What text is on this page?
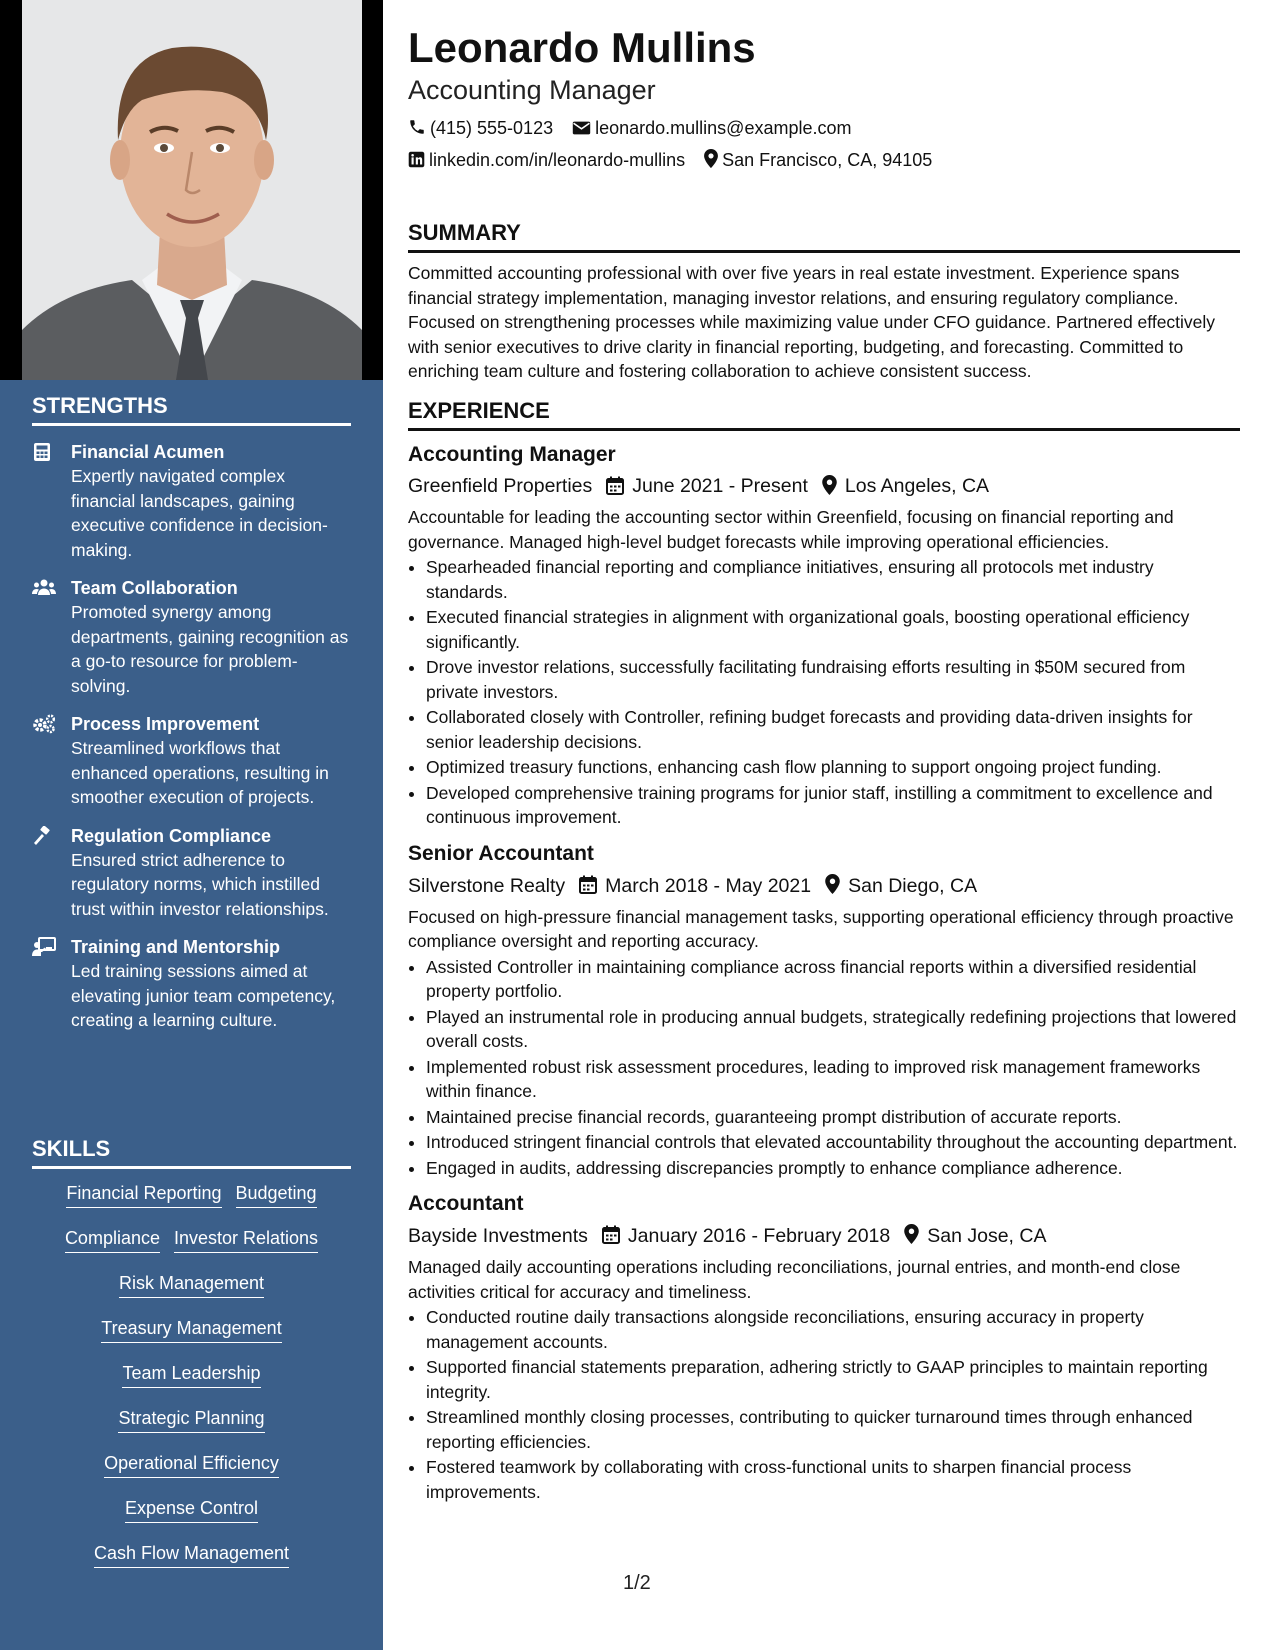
STRENGTHS
Financial Acumen
Expertly navigated complex financial landscapes, gaining executive confidence in decision-making.
Team Collaboration
Promoted synergy among departments, gaining recognition as a go-to resource for problem-solving.
Process Improvement
Streamlined workflows that enhanced operations, resulting in smoother execution of projects.
Regulation Compliance
Ensured strict adherence to regulatory norms, which instilled trust within investor relationships.
Training and Mentorship
Led training sessions aimed at elevating junior team competency, creating a learning culture.
SKILLS
Financial Reporting Budgeting
Compliance Investor Relations
Risk Management
Treasury Management
Team Leadership
Strategic Planning
Operational Efficiency
Expense Control
Cash Flow Management
Leonardo Mullins
Accounting Manager
(415) 555-0123 leonardo.mullins@example.com
linkedin.com/in/leonardo-mullins San Francisco, CA, 94105
SUMMARY

Committed accounting professional with over five years in real estate investment. Experience spans financial strategy implementation, managing investor relations, and ensuring regulatory compliance. Focused on strengthening processes while maximizing value under CFO guidance. Partnered effectively with senior executives to drive clarity in financial reporting, budgeting, and forecasting. Committed to enriching team culture and fostering collaboration to achieve consistent success.

EXPERIENCE
Accounting Manager
Greenfield Properties June 2021 - Present Los Angeles, CA
Accountable for leading the accounting sector within Greenfield, focusing on financial reporting and governance. Managed high-level budget forecasts while improving operational efficiencies.
• Spearheaded financial reporting and compliance initiatives, ensuring all protocols met industry standards.
• Executed financial strategies in alignment with organizational goals, boosting operational efficiency significantly.
• Drove investor relations, successfully facilitating fundraising efforts resulting in $50M secured from private investors.
• Collaborated closely with Controller, refining budget forecasts and providing data-driven insights for senior leadership decisions.
• Optimized treasury functions, enhancing cash flow planning to support ongoing project funding.
• Developed comprehensive training programs for junior staff, instilling a commitment to excellence and continuous improvement.
Senior Accountant
Silverstone Realty March 2018 - May 2021 San Diego, CA
Focused on high-pressure financial management tasks, supporting operational efficiency through proactive compliance oversight and reporting accuracy.
• Assisted Controller in maintaining compliance across financial reports within a diversified residential property portfolio.
• Played an instrumental role in producing annual budgets, strategically redefining projections that lowered overall costs.
• Implemented robust risk assessment procedures, leading to improved risk management frameworks within finance.
• Maintained precise financial records, guaranteeing prompt distribution of accurate reports.
• Introduced stringent financial controls that elevated accountability throughout the accounting department.
• Engaged in audits, addressing discrepancies promptly to enhance compliance adherence.
Accountant
Bayside Investments January 2016 - February 2018 San Jose, CA
Managed daily accounting operations including reconciliations, journal entries, and month-end close activities critical for accuracy and timeliness.
• Conducted routine daily transactions alongside reconciliations, ensuring accuracy in property management accounts.
• Supported financial statements preparation, adhering strictly to GAAP principles to maintain reporting integrity.
• Streamlined monthly closing processes, contributing to quicker turnaround times through enhanced reporting efficiencies.
• Fostered teamwork by collaborating with cross-functional units to sharpen financial process improvements.
1/2
